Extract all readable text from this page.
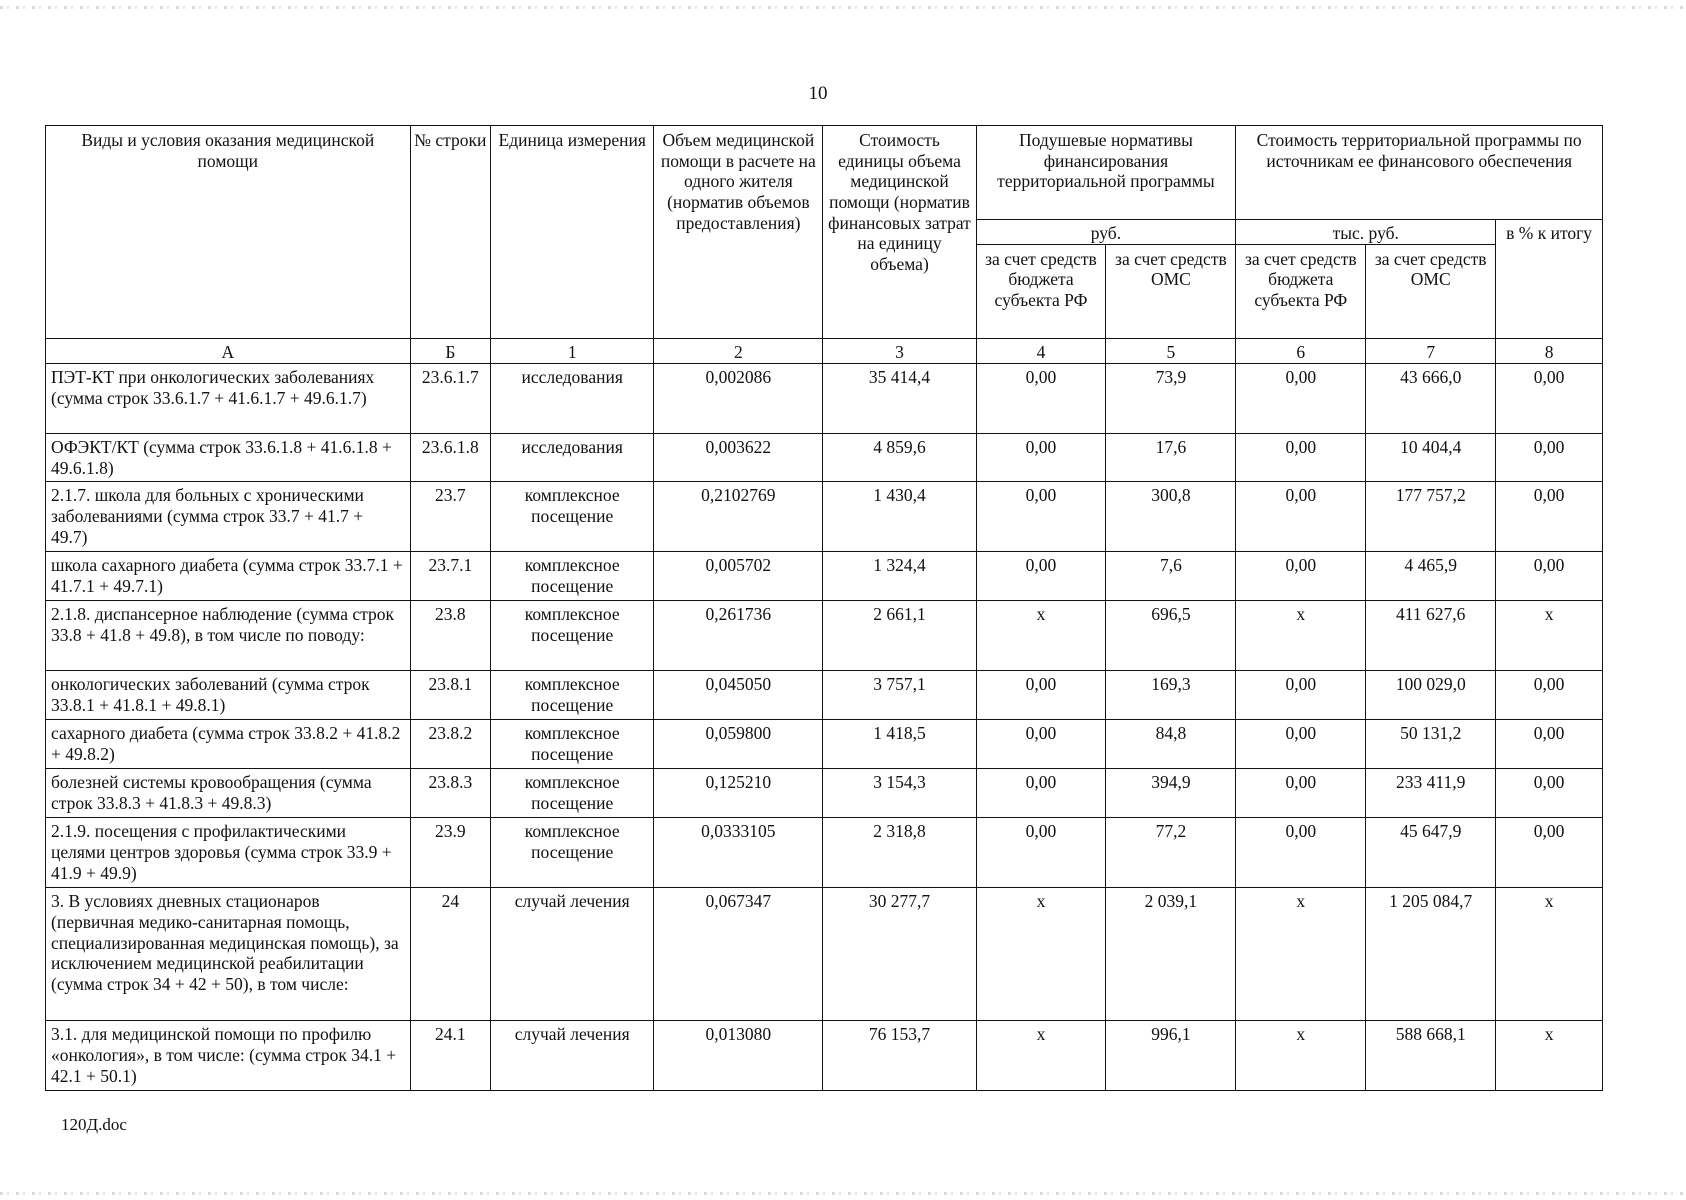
10
Виды и условия оказания медицинской помощи	№ строки	Единица измерения	Объем медицинской помощи в расчете на одного жителя (норматив объемов предоставления)	Стоимость единицы объема медицинской помощи (норматив финансовых затрат на единицу объема)	Подушевые нормативы финансирования территориальной программы		Стоимость территориальной программы по источникам ее финансового обеспечения		
					руб.		тыс. руб.		в % к итогу
					за счет средств бюджета субъекта РФ	за счет средств ОМС	за счет средств бюджета субъекта РФ	за счет средств ОМС	
А	Б	1	2	3	4	5	6	7	8
ПЭТ-КТ при онкологических заболеваниях (сумма строк 33.6.1.7 + 41.6.1.7 + 49.6.1.7)	23.6.1.7	исследования	0,002086	35 414,4	0,00	73,9	0,00	43 666,0	0,00
ОФЭКТ/КТ (сумма строк 33.6.1.8 + 41.6.1.8 + 49.6.1.8)	23.6.1.8	исследования	0,003622	4 859,6	0,00	17,6	0,00	10 404,4	0,00
2.1.7. школа для больных с хроническими заболеваниями (сумма строк 33.7 + 41.7 + 49.7)	23.7	комплексное посещение	0,2102769	1 430,4	0,00	300,8	0,00	177 757,2	0,00
школа сахарного диабета (сумма строк 33.7.1 + 41.7.1 + 49.7.1)	23.7.1	комплексное посещение	0,005702	1 324,4	0,00	7,6	0,00	4 465,9	0,00
2.1.8. диспансерное наблюдение (сумма строк 33.8 + 41.8 + 49.8), в том числе по поводу:	23.8	комплексное посещение	0,261736	2 661,1	х	696,5	х	411 627,6	х
онкологических заболеваний (сумма строк 33.8.1 + 41.8.1 + 49.8.1)	23.8.1	комплексное посещение	0,045050	3 757,1	0,00	169,3	0,00	100 029,0	0,00
сахарного диабета (сумма строк 33.8.2 + 41.8.2 + 49.8.2)	23.8.2	комплексное посещение	0,059800	1 418,5	0,00	84,8	0,00	50 131,2	0,00
болезней системы кровообращения (сумма строк 33.8.3 + 41.8.3 + 49.8.3)	23.8.3	комплексное посещение	0,125210	3 154,3	0,00	394,9	0,00	233 411,9	0,00
2.1.9. посещения с профилактическими целями центров здоровья (сумма строк 33.9 + 41.9 + 49.9)	23.9	комплексное посещение	0,0333105	2 318,8	0,00	77,2	0,00	45 647,9	0,00
3. В условиях дневных стационаров (первичная медико-санитарная помощь, специализированная медицинская помощь), за исключением медицинской реабилитации (сумма строк 34 + 42 + 50), в том числе:	24	случай лечения	0,067347	30 277,7	х	2 039,1	х	1 205 084,7	х
3.1. для медицинской помощи по профилю «онкология», в том числе: (сумма строк 34.1 + 42.1 + 50.1)	24.1	случай лечения	0,013080	76 153,7	х	996,1	х	588 668,1	х
120Д.doc
